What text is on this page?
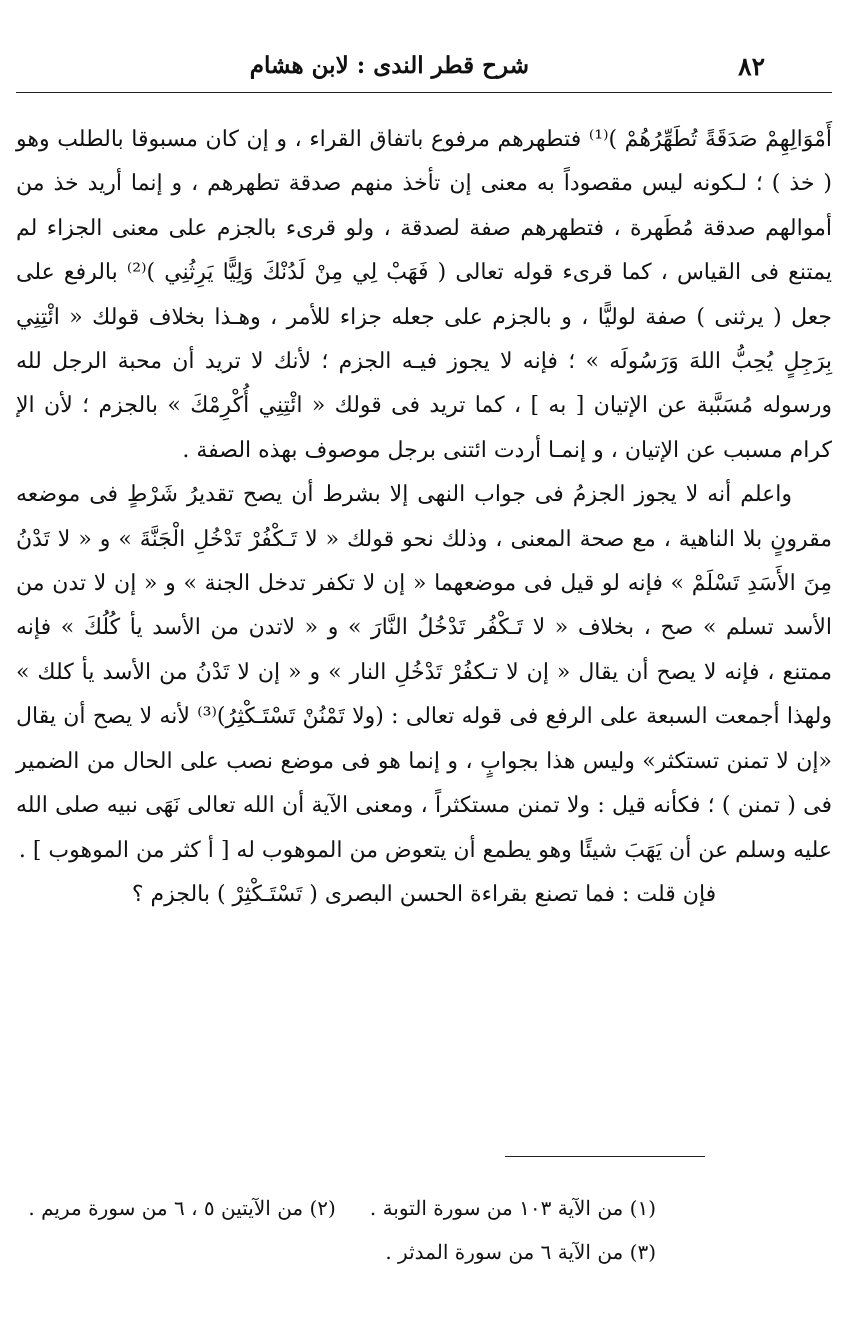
٨٢
شرح قطر الندى : لابن هشام

أَمْوَالِهِمْ صَدَقَةً تُطَهِّرُهُمْ )⁽¹⁾ فتطهرهم مرفوع باتفاق القراء ، و إن كان مسبوقا بالطلب وهو ( خذ ) ؛ لـكونه ليس مقصوداً به معنى إن تأخذ منهم صدقة تطهرهم ، و إنما أريد خذ من أموالهم صدقة مُطَهرة ، فتطهرهم صفة لصدقة ، ولو قرىء بالجزم على معنى الجزاء لم يمتنع فى القياس ، كما قرىء قوله تعالى ( فَهَبْ لِي مِنْ لَدُنْكَ وَلِيًّا يَرِثُنِي )⁽²⁾ بالرفع على جعل ( يرثنى ) صفة لوليًّا ، و بالجزم على جعله جزاء للأمر ، وهـذا بخلاف قولك « ائْتِنِي بِرَجِلٍ يُحِبُّ اللهَ وَرَسُولَه » ؛ فإنه لا يجوز فيـه الجزم ؛ لأنك لا تريد أن محبة الرجل لله ورسوله مُسَبَّبة عن الإتيان [ به ] ، كما تريد فى قولك « ائْتِنِي أُكْرِمْكَ » بالجزم ؛ لأن الإ كرام مسبب عن الإتيان ، و إنمـا أردت ائتنى برجل موصوف بهذه الصفة .

واعلم أنه لا يجوز الجزمُ فى جواب النهى إلا بشرط أن يصح تقديرُ شَرْطٍ فى موضعه مقرونٍ بلا الناهية ، مع صحة المعنى ، وذلك نحو قولك « لا تَـكْفُرْ تَدْخُلِ الْجَنَّةَ » و « لا تَدْنُ مِنَ الأَسَدِ تَسْلَمْ » فإنه لو قيل فى موضعهما « إن لا تكفر تدخل الجنة » و « إن لا تدن من الأسد تسلم » صح ، بخلاف « لا تَـكْفُر تَدْخُلُ النَّارَ » و « لاتدن من الأسد يأ كُلُكَ » فإنه ممتنع ، فإنه لا يصح أن يقال « إن لا تـكفُرْ تَدْخُلِ النار » و « إن لا تَدْنُ من الأسد يأ كلك » ولهذا أجمعت السبعة على الرفع فى قوله تعالى : (ولا تَمْنُنْ تَسْتَـكْثِرُ)⁽³⁾ لأنه لا يصح أن يقال «إن لا تمنن تستكثر» وليس هذا بجوابٍ ، و إنما هو فى موضع نصب على الحال من الضمير فى ( تمنن ) ؛ فكأنه قيل : ولا تمنن مستكثراً ، ومعنى الآية أن الله تعالى نَهَى نبيه صلى الله عليه وسلم عن أن يَهَبَ شيئًا وهو يطمع أن يتعوض من الموهوب له [ أ كثر من الموهوب ] .

فإن قلت : فما تصنع بقراءة الحسن البصرى ( تَسْتَـكْثِرْ ) بالجزم ؟

(١) من الآية ١٠٣ من سورة التوبة .(٢) من الآيتين ٥ ، ٦ من سورة مريم .
(٣) من الآية ٦ من سورة المدثر .
